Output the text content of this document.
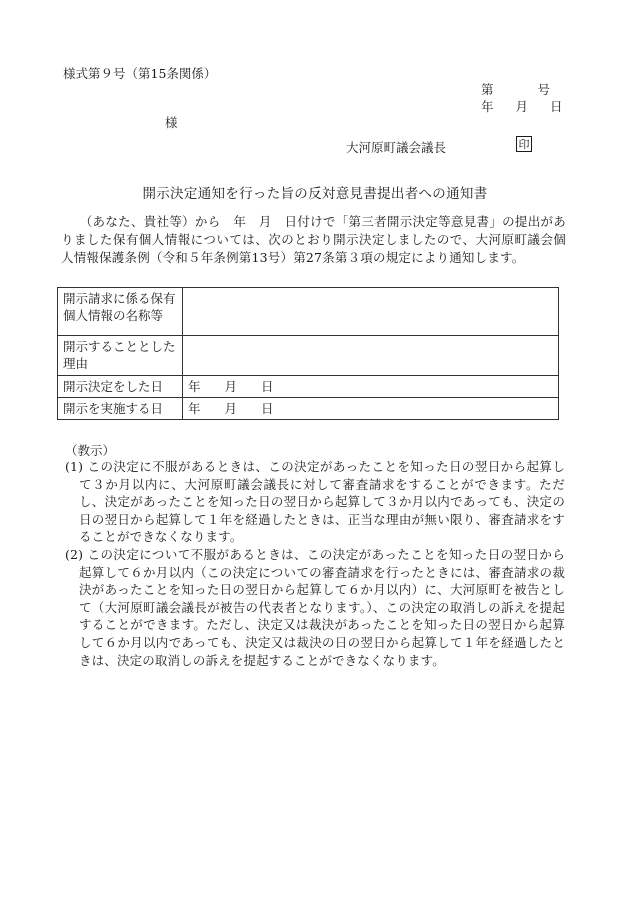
様式第９号（第15条関係）
第	号
年 月 日
様
大河原町議会議長	印
開示決定通知を行った旨の反対意見書提出者への通知書
（あなた、貴社等）から　年　月　日付けで「第三者開示決定等意見書」の提出がありました保有個人情報については、次のとおり開示決定しましたので、大河原町議会個人情報保護条例（令和５年条例第13号）第27条第３項の規定により通知します。
開示請求に係る保有個人情報の名称等	
開示することとした理由	
開示決定をした日	年 月 日
開示を実施する日	年 月 日
（教示）
(1) この決定に不服があるときは、この決定があったことを知った日の翌日から起算して３か月以内に、大河原町議会議長に対して審査請求をすることができます。ただし、決定があったことを知った日の翌日から起算して３か月以内であっても、決定の日の翌日から起算して１年を経過したときは、正当な理由が無い限り、審査請求をすることができなくなります。
(2) この決定について不服があるときは、この決定があったことを知った日の翌日から起算して６か月以内（この決定についての審査請求を行ったときには、審査請求の裁決があったことを知った日の翌日から起算して６か月以内）に、大河原町を被告として（大河原町議会議長が被告の代表者となります。）、この決定の取消しの訴えを提起することができます。ただし、決定又は裁決があったことを知った日の翌日から起算して６か月以内であっても、決定又は裁決の日の翌日から起算して１年を経過したときは、決定の取消しの訴えを提起することができなくなります。
